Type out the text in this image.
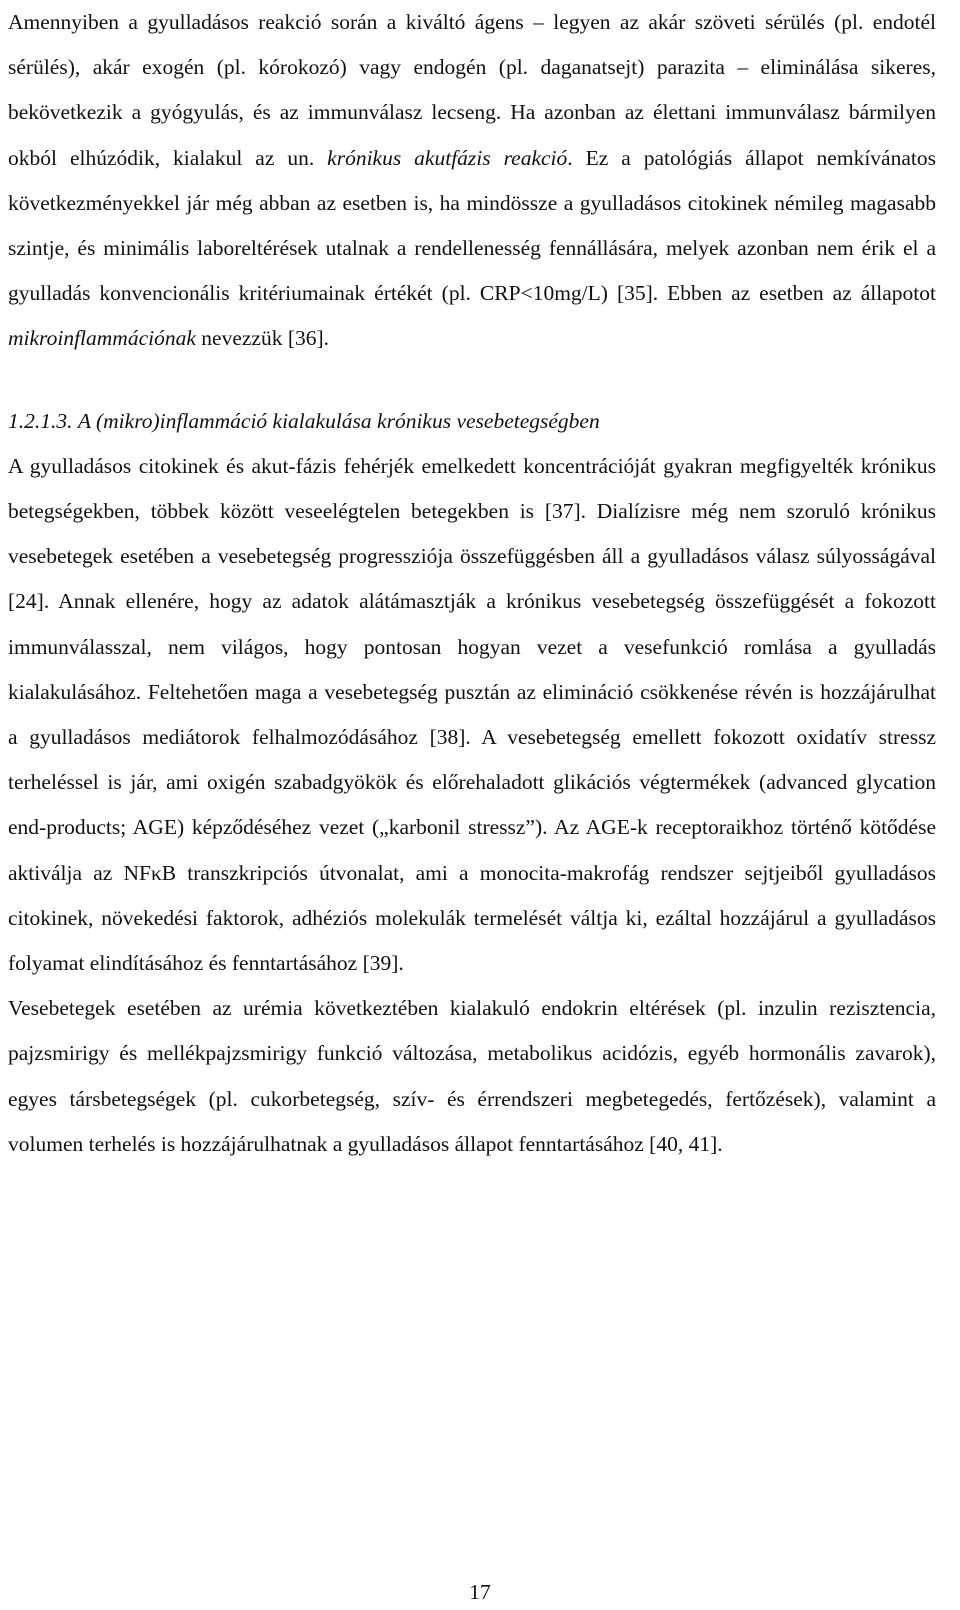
Amennyiben a gyulladásos reakció során a kiváltó ágens – legyen az akár szöveti sérülés (pl. endotél sérülés), akár exogén (pl. kórokozó) vagy endogén (pl. daganatsejt) parazita – eliminálása sikeres, bekövetkezik a gyógyulás, és az immunválasz lecseng. Ha azonban az élettani immunválasz bármilyen okból elhúzódik, kialakul az un. krónikus akutfázis reakció. Ez a patológiás állapot nemkívánatos következményekkel jár még abban az esetben is, ha mindössze a gyulladásos citokinek némileg magasabb szintje, és minimális laboreltérések utalnak a rendellenesség fennállására, melyek azonban nem érik el a gyulladás konvencionális kritériumainak értékét (pl. CRP<10mg/L) [35]. Ebben az esetben az állapotot mikroinflammációnak nevezzük [36].

1.2.1.3. A (mikro)inflammáció kialakulása krónikus vesebetegségben

A gyulladásos citokinek és akut-fázis fehérjék emelkedett koncentrációját gyakran megfigyelték krónikus betegségekben, többek között veseelégtelen betegekben is [37]. Dialízisre még nem szoruló krónikus vesebetegek esetében a vesebetegség progressziója összefüggésben áll a gyulladásos válasz súlyosságával [24]. Annak ellenére, hogy az adatok alátámasztják a krónikus vesebetegség összefüggését a fokozott immunválasszal, nem világos, hogy pontosan hogyan vezet a vesefunkció romlása a gyulladás kialakulásához. Feltehetően maga a vesebetegség pusztán az elimináció csökkenése révén is hozzájárulhat a gyulladásos mediátorok felhalmozódásához [38]. A vesebetegség emellett fokozott oxidatív stressz terheléssel is jár, ami oxigén szabadgyökök és előrehaladott glikációs végtermékek (advanced glycation end-products; AGE) képződéséhez vezet („karbonil stressz”). Az AGE-k receptoraikhoz történő kötődése aktiválja az NFκB transzkripciós útvonalat, ami a monocita-makrofág rendszer sejtjeiből gyulladásos citokinek, növekedési faktorok, adhéziós molekulák termelését váltja ki, ezáltal hozzájárul a gyulladásos folyamat elindításához és fenntartásához [39].

Vesebetegek esetében az urémia következtében kialakuló endokrin eltérések (pl. inzulin rezisztencia, pajzsmirigy és mellékpajzsmirigy funkció változása, metabolikus acidózis, egyéb hormonális zavarok), egyes társbetegségek (pl. cukorbetegség, szív- és érrendszeri megbetegedés, fertőzések), valamint a volumen terhelés is hozzájárulhatnak a gyulladásos állapot fenntartásához [40, 41].

17
